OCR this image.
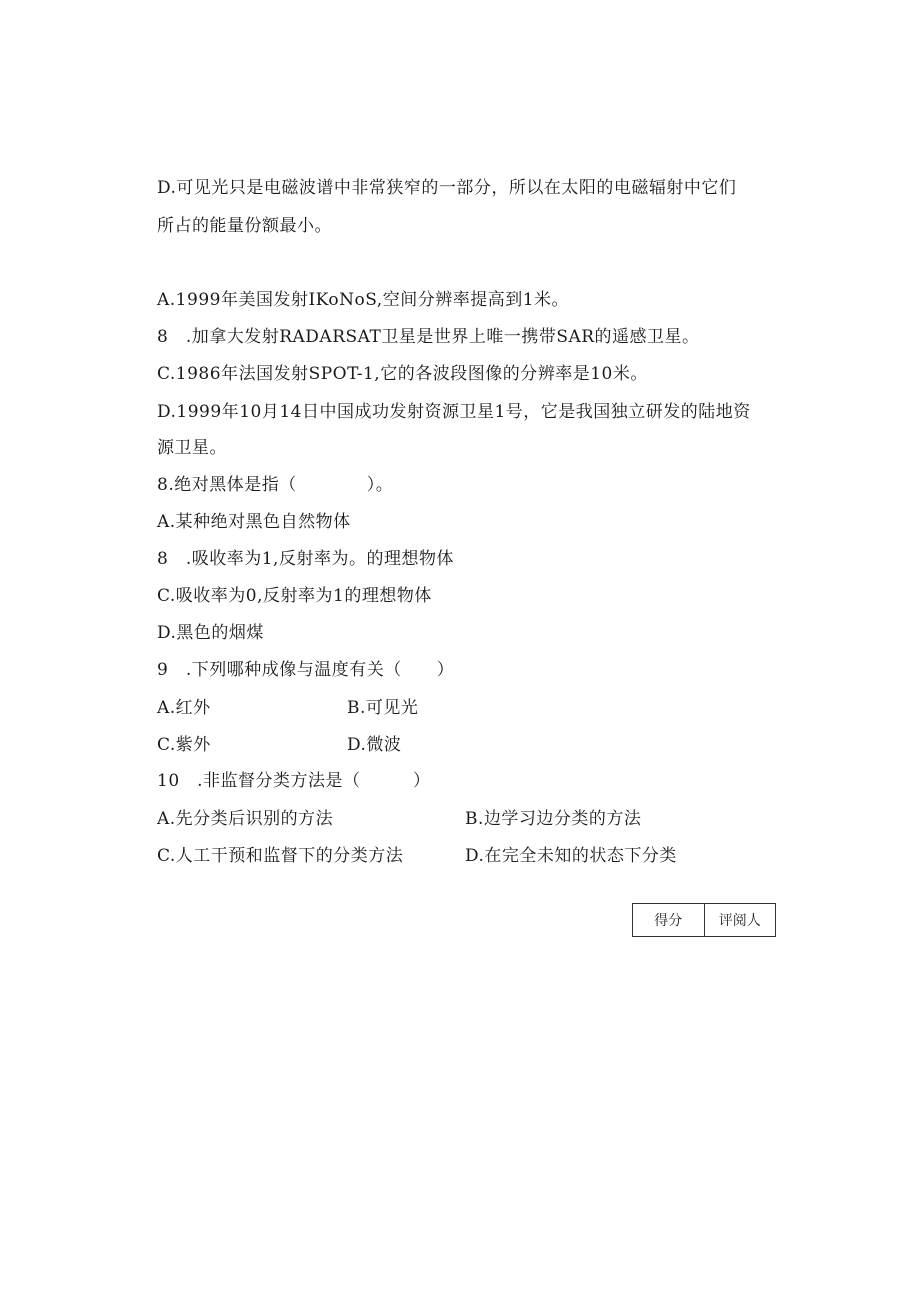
D.可见光只是电磁波谱中非常狭窄的一部分，所以在太阳的电磁辐射中它们
所占的能量份额最小。
A.1999年美国发射IKoNoS,空间分辨率提高到1米。
8　.加拿大发射RADARSAT卫星是世界上唯一携带SAR的遥感卫星。
C.1986年法国发射SPOT-1,它的各波段图像的分辨率是10米。
D.1999年10月14日中国成功发射资源卫星1号，它是我国独立研发的陆地资
源卫星。
8.绝对黑体是指（　　　　）。
A.某种绝对黑色自然物体
8　.吸收率为1,反射率为。的理想物体
C.吸收率为0,反射率为1的理想物体
D.黑色的烟煤
9　.下列哪种成像与温度有关（　　）
A.红外	B.可见光
C.紫外	D.微波
10　.非监督分类方法是（　　　）
A.先分类后识别的方法	B.边学习边分类的方法
C.人工干预和监督下的分类方法	D.在完全未知的状态下分类
得分	评阅人
